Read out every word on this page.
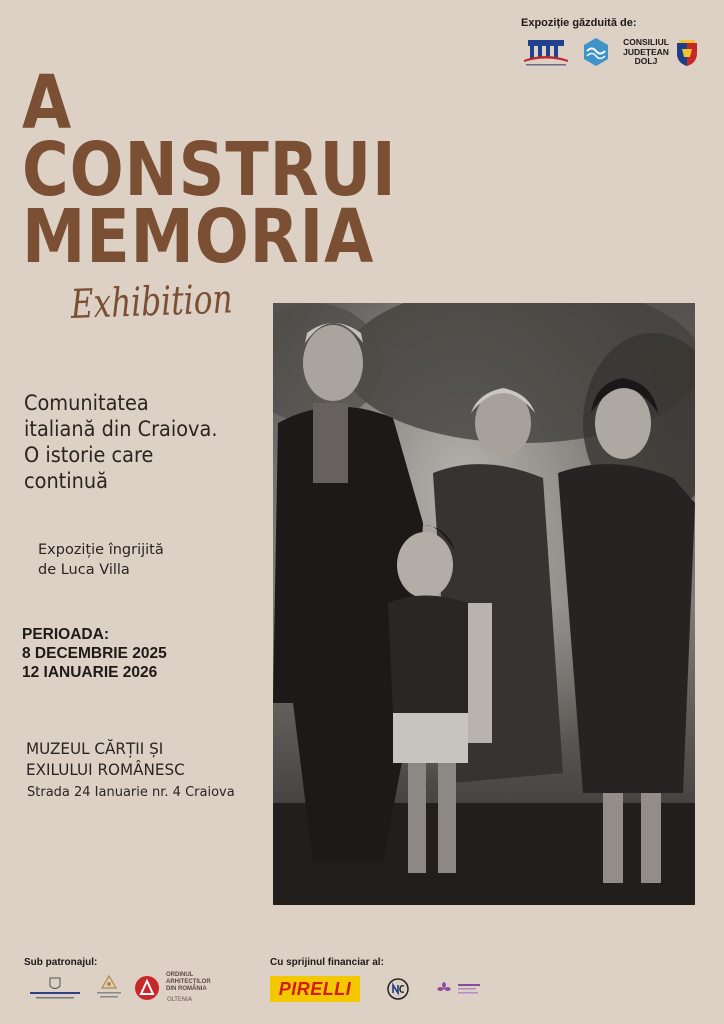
Expoziție găzduită de:
CONSILIUL
JUDEȚEAN
DOLJ
A
CONSTRUI
MEMORIA
Exhibition
Comunitatea
italiană din Craiova.
O istorie care
continuă
Expoziție îngrijită
de Luca Villa
PERIOADA:
8 DECEMBRIE 2025
12 IANUARIE 2026
MUZEUL CĂRȚII ȘI
EXILULUI ROMÂNESC
Strada 24 Ianuarie nr. 4 Craiova
Sub patronajul:	Cu sprijinul financiar al:
ORDINUL
ARHITECȚILOR
DIN ROMÂNIA
OLTENIA
PIRELLI
